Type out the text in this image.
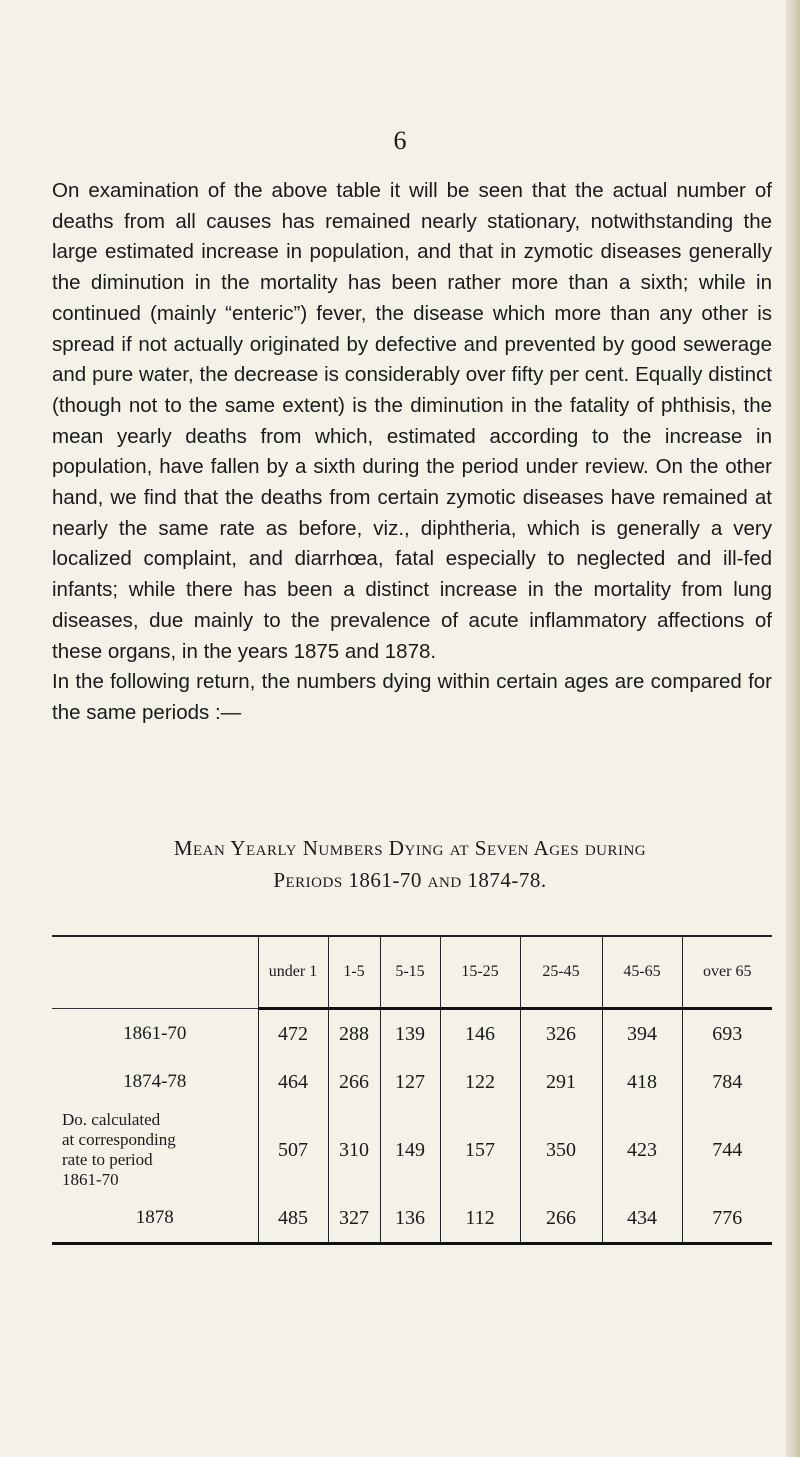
6

On examination of the above table it will be seen that the actual number of deaths from all causes has remained nearly stationary, notwithstanding the large estimated increase in population, and that in zymotic diseases generally the diminution in the mortality has been rather more than a sixth; while in continued (mainly “enteric”) fever, the disease which more than any other is spread if not actually originated by defective and prevented by good sewerage and pure water, the decrease is considerably over fifty per cent. Equally distinct (though not to the same extent) is the diminution in the fatality of phthisis, the mean yearly deaths from which, estimated according to the increase in population, have fallen by a sixth during the period under review. On the other hand, we find that the deaths from certain zymotic diseases have remained at nearly the same rate as before, viz., diphtheria, which is generally a very localized complaint, and diarrhœa, fatal especially to neglected and ill-fed infants; while there has been a distinct increase in the mortality from lung diseases, due mainly to the prevalence of acute inflammatory affections of these organs, in the years 1875 and 1878.

In the following return, the numbers dying within certain ages are compared for the same periods :—

Mean Yearly Numbers Dying at Seven Ages during
Periods 1861-70 and 1874-78.
	under 1	1-5	5-15	15-25	25-45	45-65	over 65
1861-70	472	288	139	146	326	394	693
1874-78	464	266	127	122	291	418	784

Do. calculated
at corresponding
rate to period
1861-70	507	310	149	157	350	423	744
1878	485	327	136	112	266	434	776
